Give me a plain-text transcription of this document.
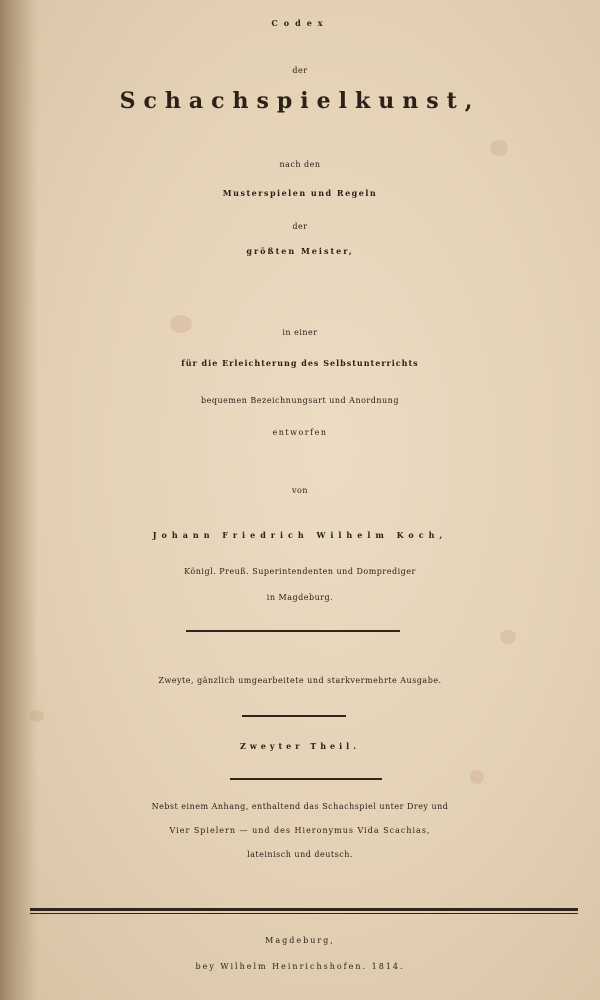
Codex
der
Schachspielkunst,
nach den
Musterspielen und Regeln
der
größten Meister,
in einer
für die Erleichterung des Selbstunterrichts
bequemen Bezeichnungsart und Anordnung
entworfen
von
Johann Friedrich Wilhelm Koch,
Königl. Preuß. Superintendenten und Domprediger
in Magdeburg.
Zweyte, gänzlich umgearbeitete und starkvermehrte Ausgabe.
Zweyter Theil.
Nebst einem Anhang, enthaltend das Schachspiel unter Drey und
Vier Spielern — und des Hieronymus Vida Scachias,
lateinisch und deutsch.
Magdeburg,
bey Wilhelm Heinrichshofen. 1814.
